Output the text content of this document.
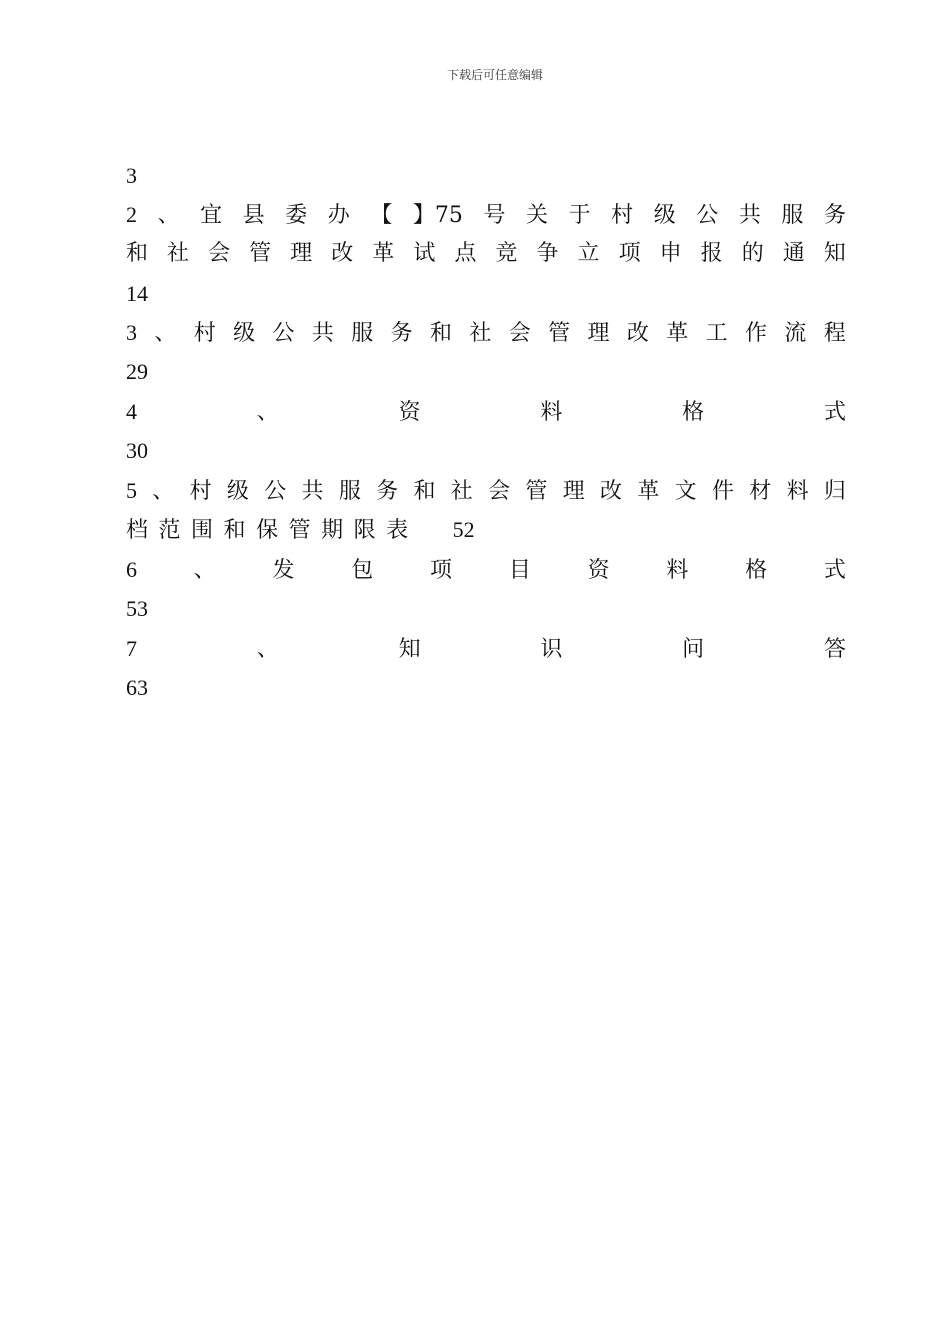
下载后可任意编辑
3
2 、 宜 县 委 办 【 】75 号 关 于 村 级 公 共 服 务
和 社 会 管 理 改 革 试 点 竞 争 立 项 申 报 的 通 知
14
3 、 村 级 公 共 服 务 和 社 会 管 理 改 革 工 作 流 程
29
4	、	资	料	格	式
30
5 、 村 级 公 共 服 务 和 社 会 管 理 改 革 文 件 材 料 归
档 范 围 和 保 管 期 限 表 52
6	、	发	包	项	目	资	料	格	式
53
7	、	知	识	问	答
63
